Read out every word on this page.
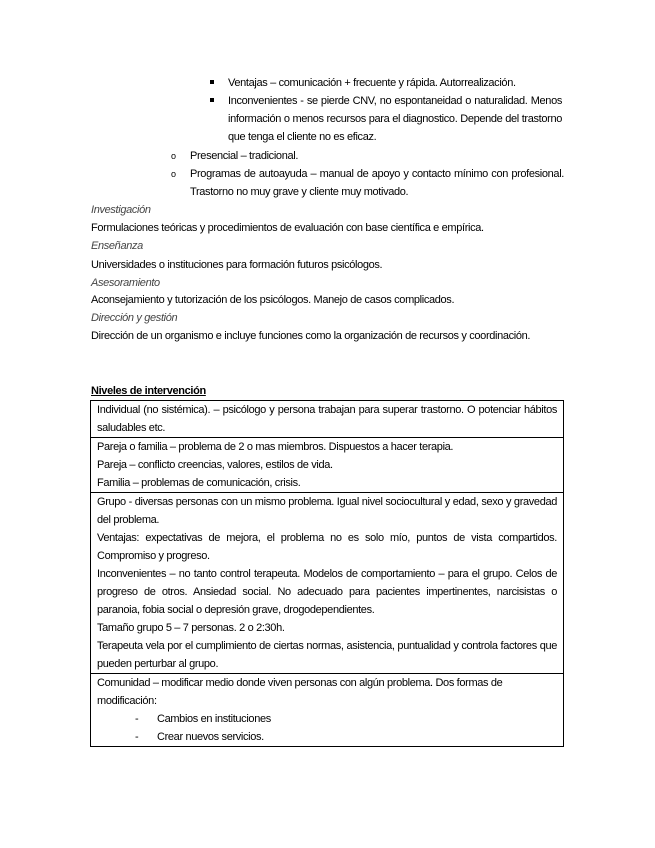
Ventajas – comunicación + frecuente y rápida. Autorrealización.
Inconvenientes - se pierde CNV, no espontaneidad o naturalidad. Menos información o menos recursos para el diagnostico. Depende del trastorno que tenga el cliente no es eficaz.
o Presencial – tradicional.
o Programas de autoayuda – manual de apoyo y contacto mínimo con profesional. Trastorno no muy grave y cliente muy motivado.
Investigación
Formulaciones teóricas y procedimientos de evaluación con base científica e empírica.
Enseñanza
Universidades o instituciones para formación futuros psicólogos.
Asesoramiento
Aconsejamiento y tutorización de los psicólogos. Manejo de casos complicados.
Dirección y gestión
Dirección de un organismo e incluye funciones como la organización de recursos y coordinación.
Niveles de intervención
Individual (no sistémica). – psicólogo y persona trabajan para superar trastorno. O potenciar hábitos saludables etc.

Pareja o familia – problema de 2 o mas miembros. Dispuestos a hacer terapia.

Pareja – conflicto creencias, valores, estilos de vida.

Familia – problemas de comunicación, crisis.

Grupo - diversas personas con un mismo problema. Igual nivel sociocultural y edad, sexo y gravedad del problema.

Ventajas: expectativas de mejora, el problema no es solo mío, puntos de vista compartidos. Compromiso y progreso.

Inconvenientes – no tanto control terapeuta. Modelos de comportamiento – para el grupo. Celos de progreso de otros. Ansiedad social. No adecuado para pacientes impertinentes, narcisistas o paranoia, fobia social o depresión grave, drogodependientes.

Tamaño grupo 5 – 7 personas. 2 o 2:30h.

Terapeuta vela por el cumplimiento de ciertas normas, asistencia, puntualidad y controla factores que pueden perturbar al grupo.

Comunidad – modificar medio donde viven personas con algún problema. Dos formas de modificación:

- Cambios en instituciones

- Crear nuevos servicios.
